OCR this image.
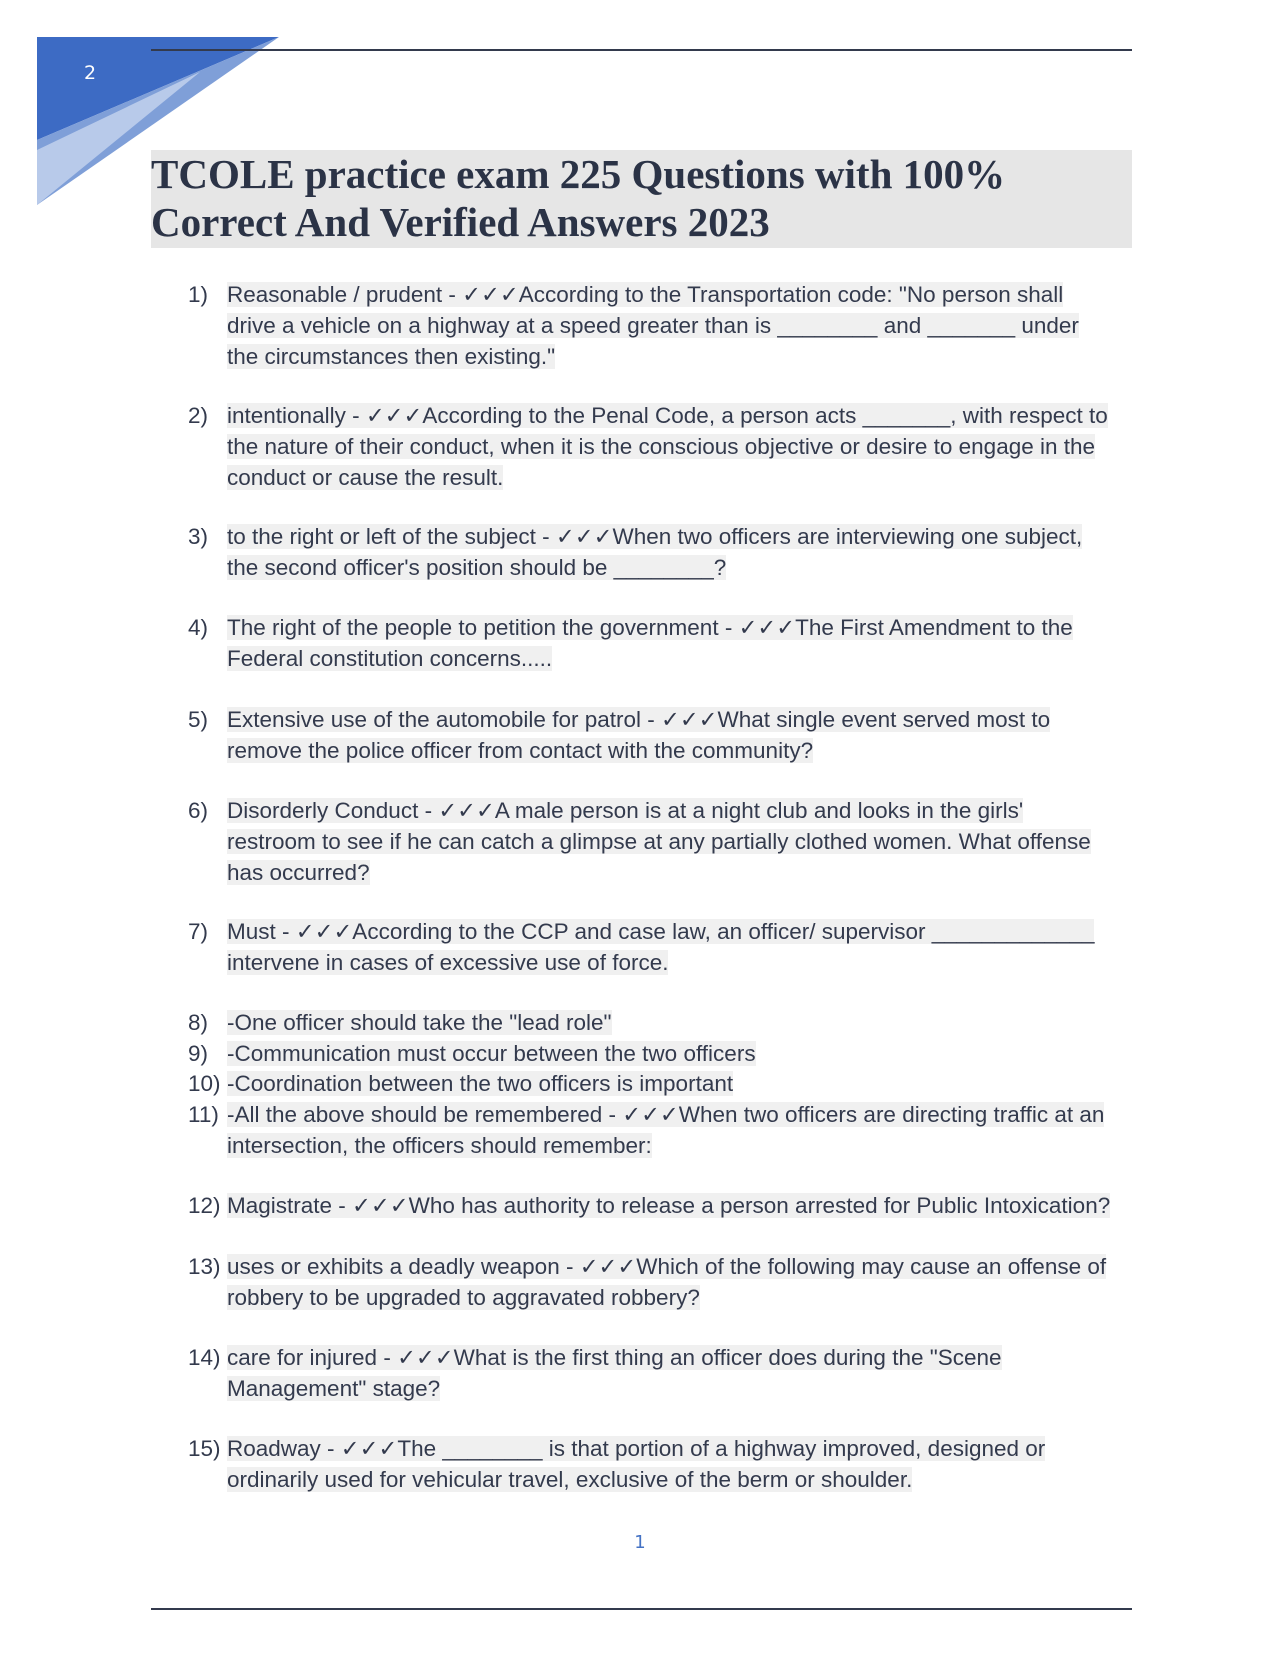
2
TCOLE practice exam 225 Questions with 100%
Correct And Verified Answers 2023
1) Reasonable / prudent - ✓✓✓According to the Transportation code: "No person shall
drive a vehicle on a highway at a speed greater than is ________ and _______ under
the circumstances then existing."
2) intentionally - ✓✓✓According to the Penal Code, a person acts _______, with respect to
the nature of their conduct, when it is the conscious objective or desire to engage in the
conduct or cause the result.
3) to the right or left of the subject - ✓✓✓When two officers are interviewing one subject,
the second officer's position should be ________?
4) The right of the people to petition the government - ✓✓✓The First Amendment to the
Federal constitution concerns.....
5) Extensive use of the automobile for patrol - ✓✓✓What single event served most to
remove the police officer from contact with the community?
6) Disorderly Conduct - ✓✓✓A male person is at a night club and looks in the girls'
restroom to see if he can catch a glimpse at any partially clothed women. What offense
has occurred?
7) Must - ✓✓✓According to the CCP and case law, an officer/ supervisor _____________
intervene in cases of excessive use of force.
8) -One officer should take the "lead role"
9) -Communication must occur between the two officers
10) -Coordination between the two officers is important
11) -All the above should be remembered - ✓✓✓When two officers are directing traffic at an
intersection, the officers should remember:
12) Magistrate - ✓✓✓Who has authority to release a person arrested for Public Intoxication?
13) uses or exhibits a deadly weapon - ✓✓✓Which of the following may cause an offense of
robbery to be upgraded to aggravated robbery?
14) care for injured - ✓✓✓What is the first thing an officer does during the "Scene
Management" stage?
15) Roadway - ✓✓✓The ________ is that portion of a highway improved, designed or
ordinarily used for vehicular travel, exclusive of the berm or shoulder.
1
